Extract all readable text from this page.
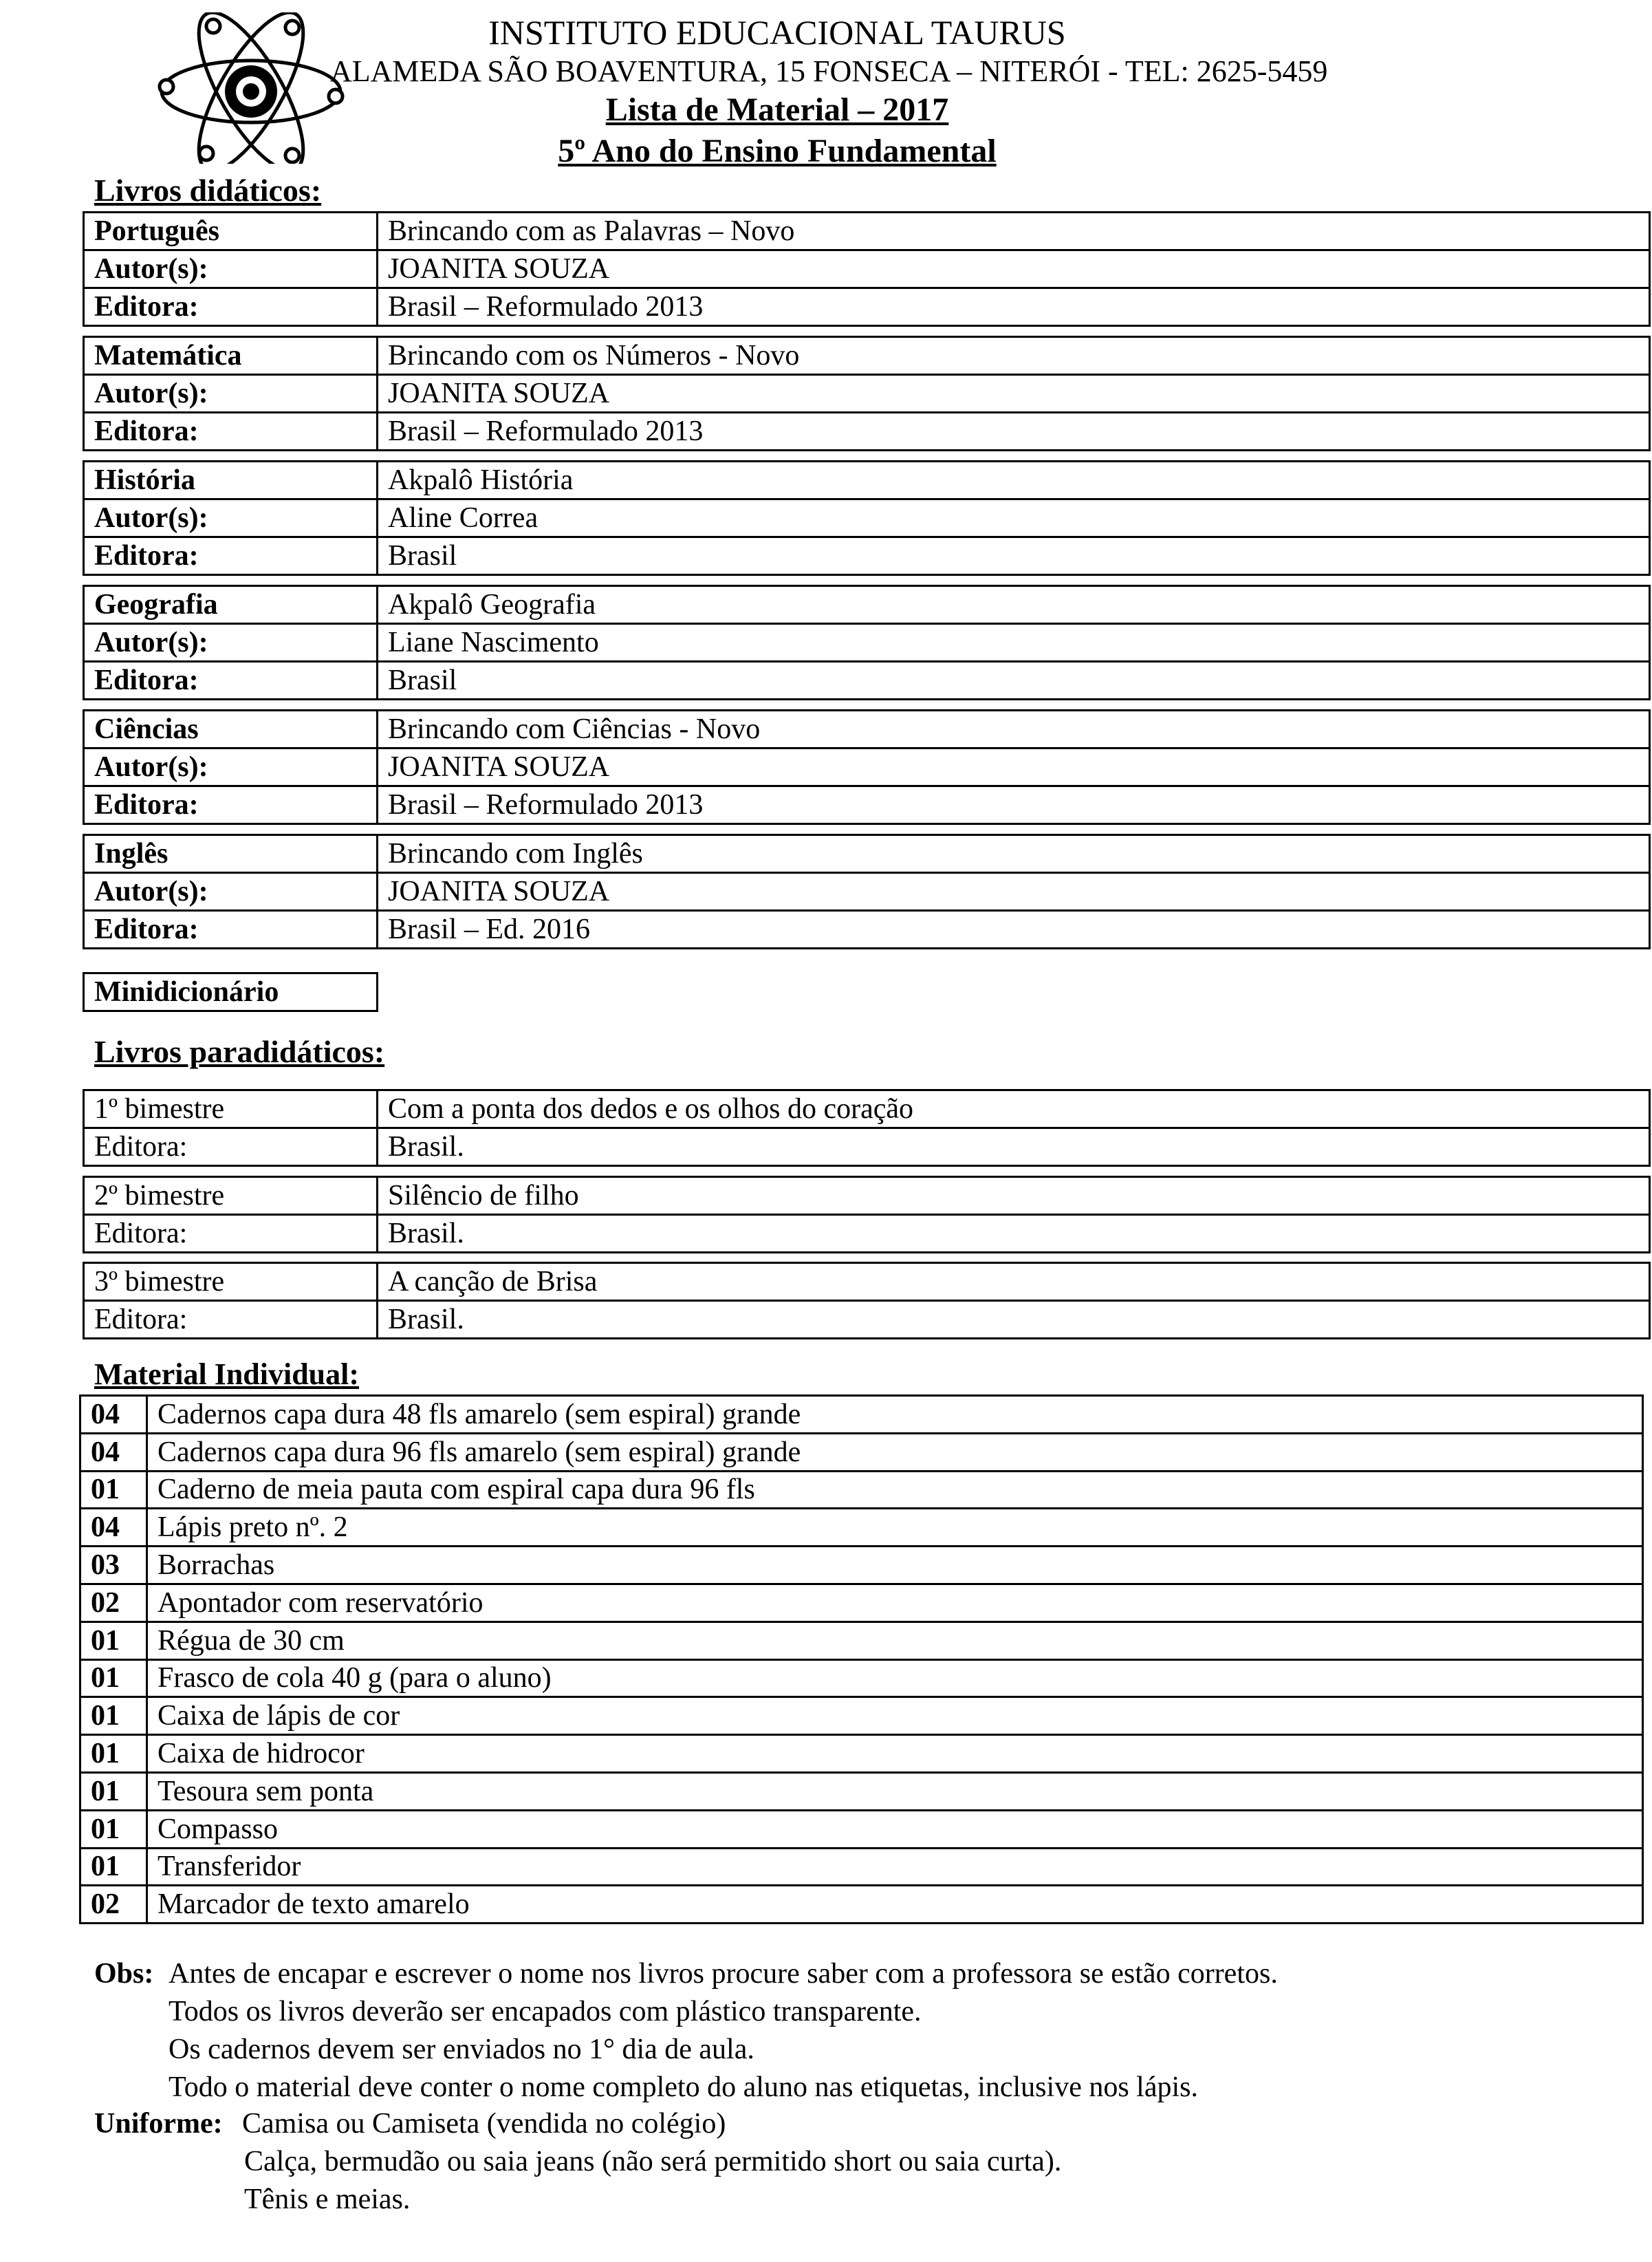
INSTITUTO EDUCACIONAL TAURUS
ALAMEDA SÃO BOAVENTURA, 15 FONSECA – NITERÓI - TEL: 2625-5459
Lista de Material – 2017
5º Ano do Ensino Fundamental
Livros didáticos:
Português	Brincando com as Palavras – Novo
Autor(s):	JOANITA SOUZA
Editora:	Brasil – Reformulado 2013
Matemática	Brincando com os Números - Novo
Autor(s):	JOANITA SOUZA
Editora:	Brasil – Reformulado 2013
História	Akpalô História
Autor(s):	Aline Correa
Editora:	Brasil
Geografia	Akpalô Geografia
Autor(s):	Liane Nascimento
Editora:	Brasil
Ciências	Brincando com Ciências - Novo
Autor(s):	JOANITA SOUZA
Editora:	Brasil – Reformulado 2013
Inglês	Brincando com Inglês
Autor(s):	JOANITA SOUZA
Editora:	Brasil – Ed. 2016
Minidicionário
Livros paradidáticos:
1º bimestre	Com a ponta dos dedos e os olhos do coração
Editora:	Brasil.
2º bimestre	Silêncio de filho
Editora:	Brasil.
3º bimestre	A canção de Brisa
Editora:	Brasil.
Material Individual:
04	Cadernos capa dura 48 fls amarelo (sem espiral) grande
04	Cadernos capa dura 96 fls amarelo (sem espiral) grande
01	Caderno de meia pauta com espiral capa dura 96 fls
04	Lápis preto nº. 2
03	Borrachas
02	Apontador com reservatório
01	Régua de 30 cm
01	Frasco de cola 40 g (para o aluno)
01	Caixa de lápis de cor
01	Caixa de hidrocor
01	Tesoura sem ponta
01	Compasso
01	Transferidor
02	Marcador de texto amarelo
Obs: Antes de encapar e escrever o nome nos livros procure saber com a professora se estão corretos.
Todos os livros deverão ser encapados com plástico transparente.
Os cadernos devem ser enviados no 1° dia de aula.
Todo o material deve conter o nome completo do aluno nas etiquetas, inclusive nos lápis.
Uniforme: Camisa ou Camiseta (vendida no colégio)
Calça, bermudão ou saia jeans (não será permitido short ou saia curta).
Tênis e meias.
